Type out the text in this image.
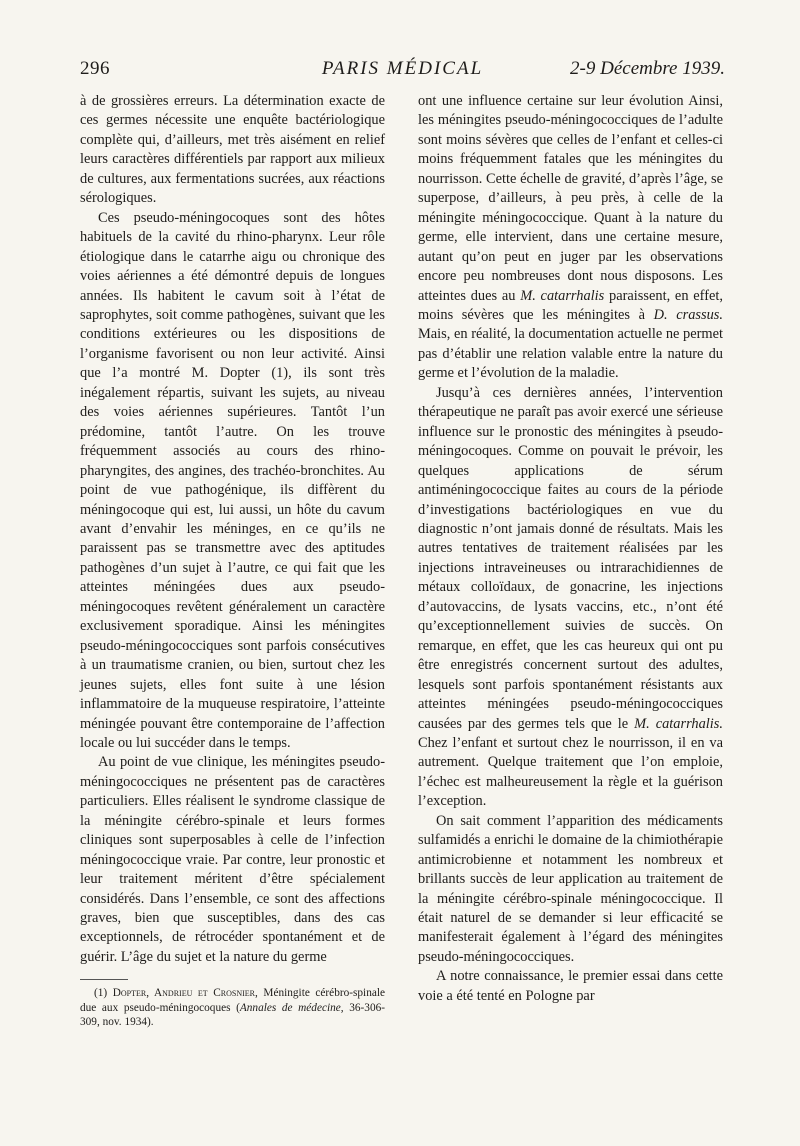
296	PARIS MÉDICAL	2-9 Décembre 1939.

à de grossières erreurs. La détermination exacte de ces germes nécessite une enquête bactériologique complète qui, d’ailleurs, met très aisément en relief leurs caractères différentiels par rapport aux milieux de cultures, aux fermentations sucrées, aux réactions sérologiques.

Ces pseudo-méningocoques sont des hôtes habituels de la cavité du rhino-pharynx. Leur rôle étiologique dans le catarrhe aigu ou chronique des voies aériennes a été démontré depuis de longues années. Ils habitent le cavum soit à l’état de saprophytes, soit comme pathogènes, suivant que les conditions extérieures ou les dispositions de l’organisme favorisent ou non leur activité. Ainsi que l’a montré M. Dopter (1), ils sont très inégalement répartis, suivant les sujets, au niveau des voies aériennes supérieures. Tantôt l’un prédomine, tantôt l’autre. On les trouve fréquemment associés au cours des rhino-pharyngites, des angines, des trachéo-bronchites. Au point de vue pathogénique, ils diffèrent du méningocoque qui est, lui aussi, un hôte du cavum avant d’envahir les méninges, en ce qu’ils ne paraissent pas se transmettre avec des aptitudes pathogènes d’un sujet à l’autre, ce qui fait que les atteintes méningées dues aux pseudo-méningocoques revêtent généralement un caractère exclusivement sporadique. Ainsi les méningites pseudo-méningococciques sont parfois consécutives à un traumatisme cranien, ou bien, surtout chez les jeunes sujets, elles font suite à une lésion inflammatoire de la muqueuse respiratoire, l’atteinte méningée pouvant être contemporaine de l’affection locale ou lui succéder dans le temps.

Au point de vue clinique, les méningites pseudo-méningococciques ne présentent pas de caractères particuliers. Elles réalisent le syndrome classique de la méningite cérébro-spinale et leurs formes cliniques sont superposables à celle de l’infection méningococcique vraie. Par contre, leur pronostic et leur traitement méritent d’être spécialement considérés. Dans l’ensemble, ce sont des affections graves, bien que susceptibles, dans des cas exceptionnels, de rétrocéder spontanément et de guérir. L’âge du sujet et la nature du germe

(1) Dopter, Andrieu et Crosnier, Méningite cérébro-spinale due aux pseudo-méningocoques (Annales de médecine, 36-306-309, nov. 1934).

ont une influence certaine sur leur évolution Ainsi, les méningites pseudo-méningococciques de l’adulte sont moins sévères que celles de l’enfant et celles-ci moins fréquemment fatales que les méningites du nourrisson. Cette échelle de gravité, d’après l’âge, se superpose, d’ailleurs, à peu près, à celle de la méningite méningococcique. Quant à la nature du germe, elle intervient, dans une certaine mesure, autant qu’on peut en juger par les observations encore peu nombreuses dont nous disposons. Les atteintes dues au M. catarrhalis paraissent, en effet, moins sévères que les méningites à D. crassus. Mais, en réalité, la documentation actuelle ne permet pas d’établir une relation valable entre la nature du germe et l’évolution de la maladie.

Jusqu’à ces dernières années, l’intervention thérapeutique ne paraît pas avoir exercé une sérieuse influence sur le pronostic des méningites à pseudo-méningocoques. Comme on pouvait le prévoir, les quelques applications de sérum antiméningococcique faites au cours de la période d’investigations bactériologiques en vue du diagnostic n’ont jamais donné de résultats. Mais les autres tentatives de traitement réalisées par les injections intraveineuses ou intrarachidiennes de métaux colloïdaux, de gonacrine, les injections d’autovaccins, de lysats vaccins, etc., n’ont été qu’exceptionnellement suivies de succès. On remarque, en effet, que les cas heureux qui ont pu être enregistrés concernent surtout des adultes, lesquels sont parfois spontanément résistants aux atteintes méningées pseudo-méningococciques causées par des germes tels que le M. catarrhalis. Chez l’enfant et surtout chez le nourrisson, il en va autrement. Quelque traitement que l’on emploie, l’échec est malheureusement la règle et la guérison l’exception.

On sait comment l’apparition des médicaments sulfamidés a enrichi le domaine de la chimiothérapie antimicrobienne et notamment les nombreux et brillants succès de leur application au traitement de la méningite cérébro-spinale méningococcique. Il était naturel de se demander si leur efficacité se manifesterait également à l’égard des méningites pseudo-méningococciques.

A notre connaissance, le premier essai dans cette voie a été tenté en Pologne par
